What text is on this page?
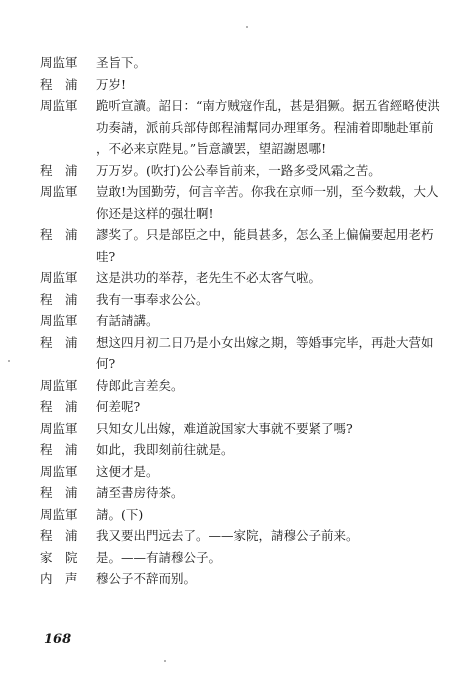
周监軍	圣旨下。
程　浦	万岁!
周监軍	跪听宣讀。詔日：“南方贼寇作乱，甚是猖獗。据五省經略使洪功奏請，派前兵部侍郎程浦幫同办理軍务。程浦着即馳赴軍前，不必来京陛見。”旨意讀罢，望詔謝恩哪!
程　浦	万万岁。(吹打)公公奉旨前来，一路多受风霜之苦。
周监軍	豈敢!为国勤劳，何言辛苦。你我在京师一别，至今数载，大人你还是这样的强壮啊!
程　浦	謬奖了。只是部臣之中，能員甚多，怎么圣上偏偏要起用老朽哇?
周监軍	这是洪功的举荐，老先生不必太客气啦。
程　浦	我有一事奉求公公。
周监軍	有話請講。
程　浦	想这四月初二日乃是小女出嫁之期，等婚事完毕，再赴大营如何?
周监軍	侍郎此言差矣。
程　浦	何差呢?
周监軍	只知女儿出嫁，难道說国家大事就不要紧了嗎?
程　浦	如此，我即刻前往就是。
周监軍	这便才是。
程　浦	請至書房待茶。
周监軍	請。(下)
程　浦	我又要出門远去了。——家院，請穆公子前来。
家　院	是。——有請穆公子。
内　声	穆公子不辞而别。
168
